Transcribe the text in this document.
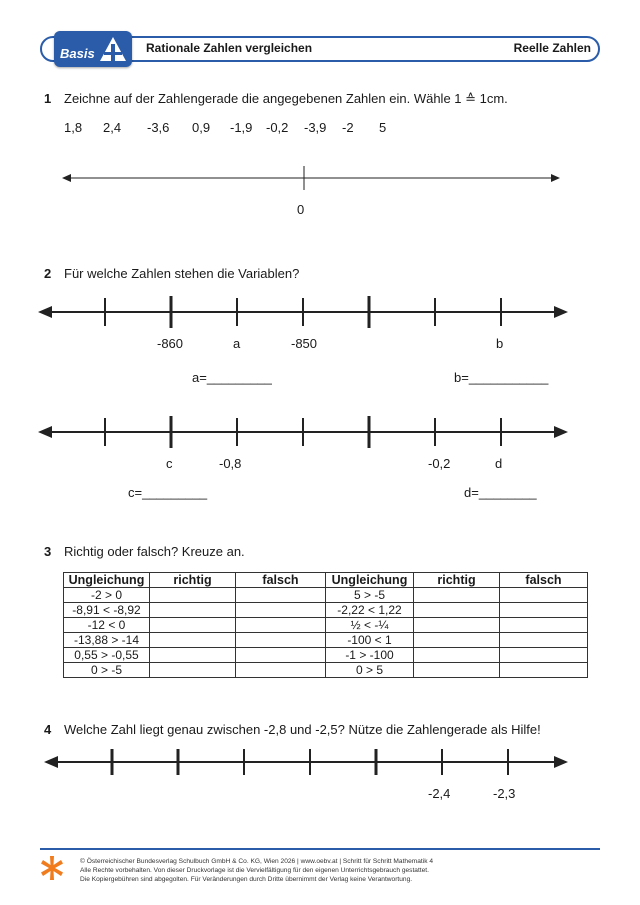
Basis	Rationale Zahlen vergleichen	Reelle Zahlen
1 Zeichne auf der Zahlengerade die angegebenen Zahlen ein. Wähle 1 ≙ 1cm.
1,8 2,4 -3,6 0,9 -1,9 -0,2 -3,9 -2 5
0
2 Für welche Zahlen stehen die Variablen?
-860	a	-850	b
a=_________	b=___________
c	-0,8	-0,2	d
c=_________	d=________
3 Richtig oder falsch? Kreuze an.
Ungleichung	richtig	falsch	Ungleichung	richtig	falsch
-2 > 0			5 > -5		
-8,91 < -8,92			-2,22 < 1,22		
-12 < 0			½ < -¼		
-13,88 > -14			-100 < 1		
0,55 > -0,55			-1 > -100		
0 > -5			0 > 5		
4 Welche Zahl liegt genau zwischen -2,8 und -2,5? Nütze die Zahlengerade als Hilfe!
-2,4	-2,3
© Österreichischer Bundesverlag Schulbuch GmbH & Co. KG, Wien 2026 | www.oebv.at | Schritt für Schritt Mathematik 4
Alle Rechte vorbehalten. Von dieser Druckvorlage ist die Vervielfältigung für den eigenen Unterrichtsgebrauch gestattet.
Die Kopiergebühren sind abgegolten. Für Veränderungen durch Dritte übernimmt der Verlag keine Verantwortung.
